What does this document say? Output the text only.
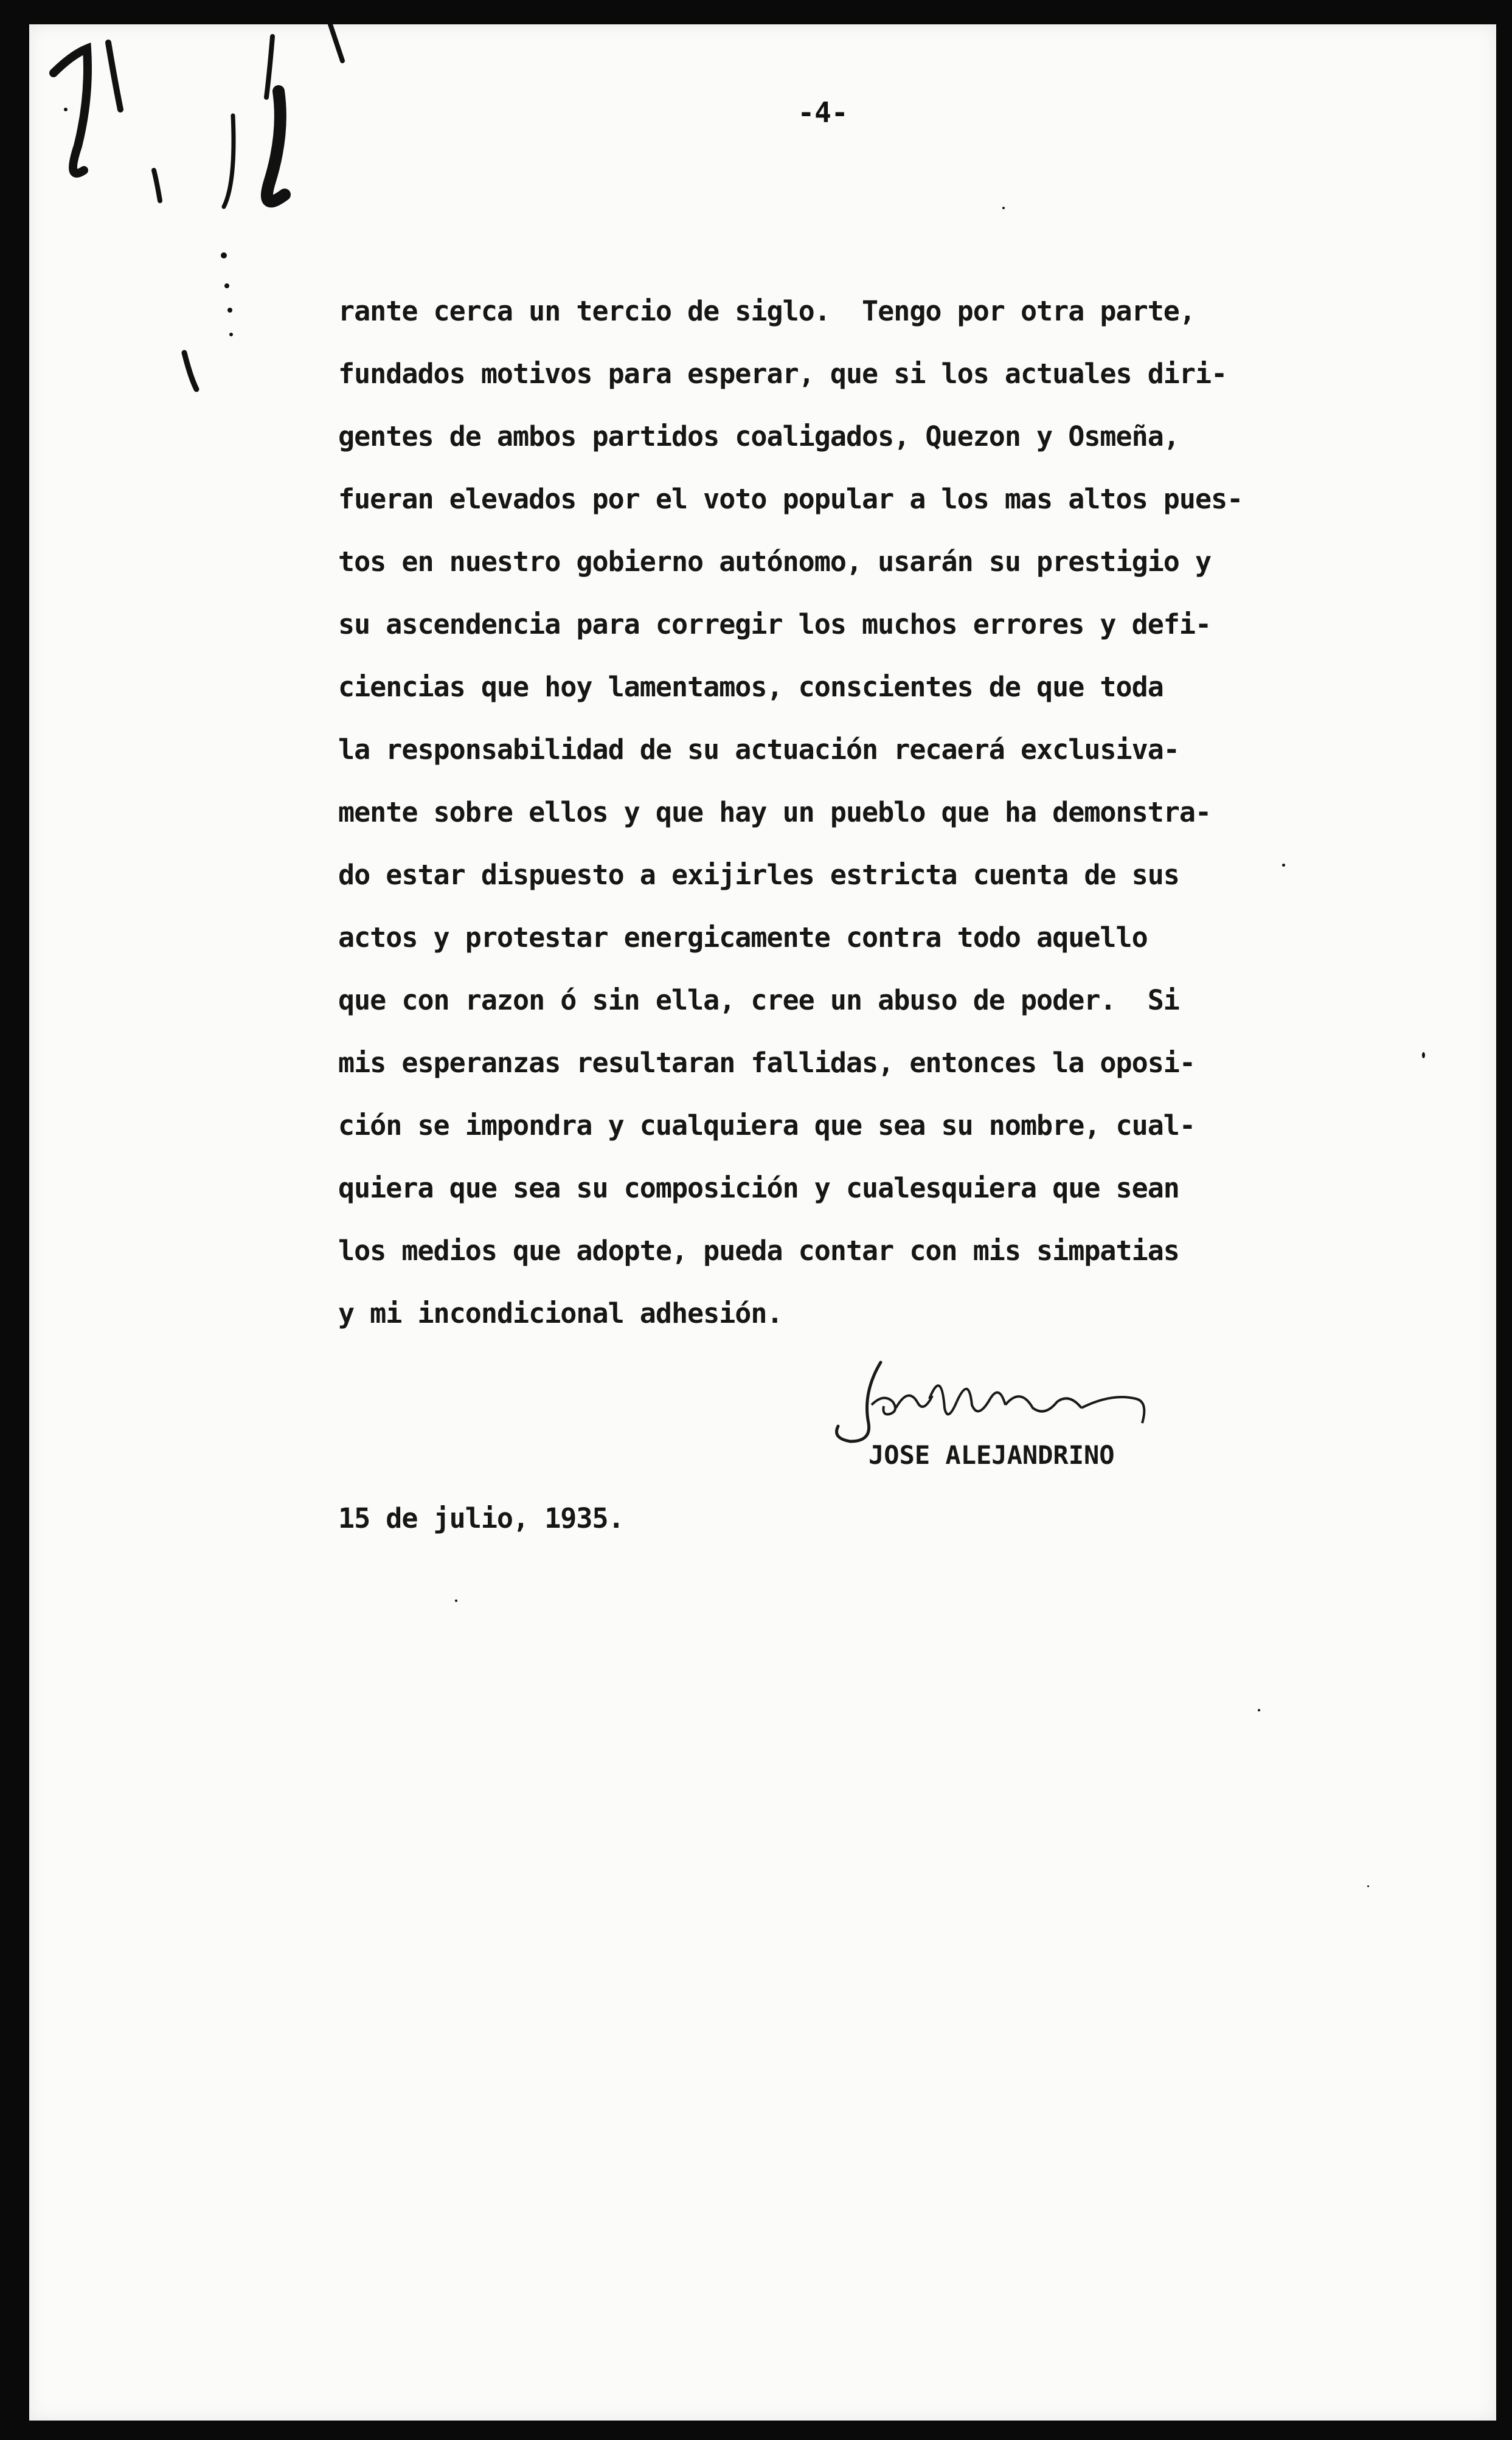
-4-
rante cerca un tercio de siglo.  Tengo por otra parte,
fundados motivos para esperar, que si los actuales diri-
gentes de ambos partidos coaligados, Quezon y Osmeña,
fueran elevados por el voto popular a los mas altos pues-
tos en nuestro gobierno autónomo, usarán su prestigio y
su ascendencia para corregir los muchos errores y defi-
ciencias que hoy lamentamos, conscientes de que toda
la responsabilidad de su actuación recaerá exclusiva-
mente sobre ellos y que hay un pueblo que ha demonstra-
do estar dispuesto a exijirles estricta cuenta de sus
actos y protestar energicamente contra todo aquello
que con razon ó sin ella, cree un abuso de poder.  Si
mis esperanzas resultaran fallidas, entonces la oposi-
ción se impondra y cualquiera que sea su nombre, cual-
quiera que sea su composición y cualesquiera que sean
los medios que adopte, pueda contar con mis simpatias
y mi incondicional adhesión.
JOSE ALEJANDRINO
15 de julio, 1935.
